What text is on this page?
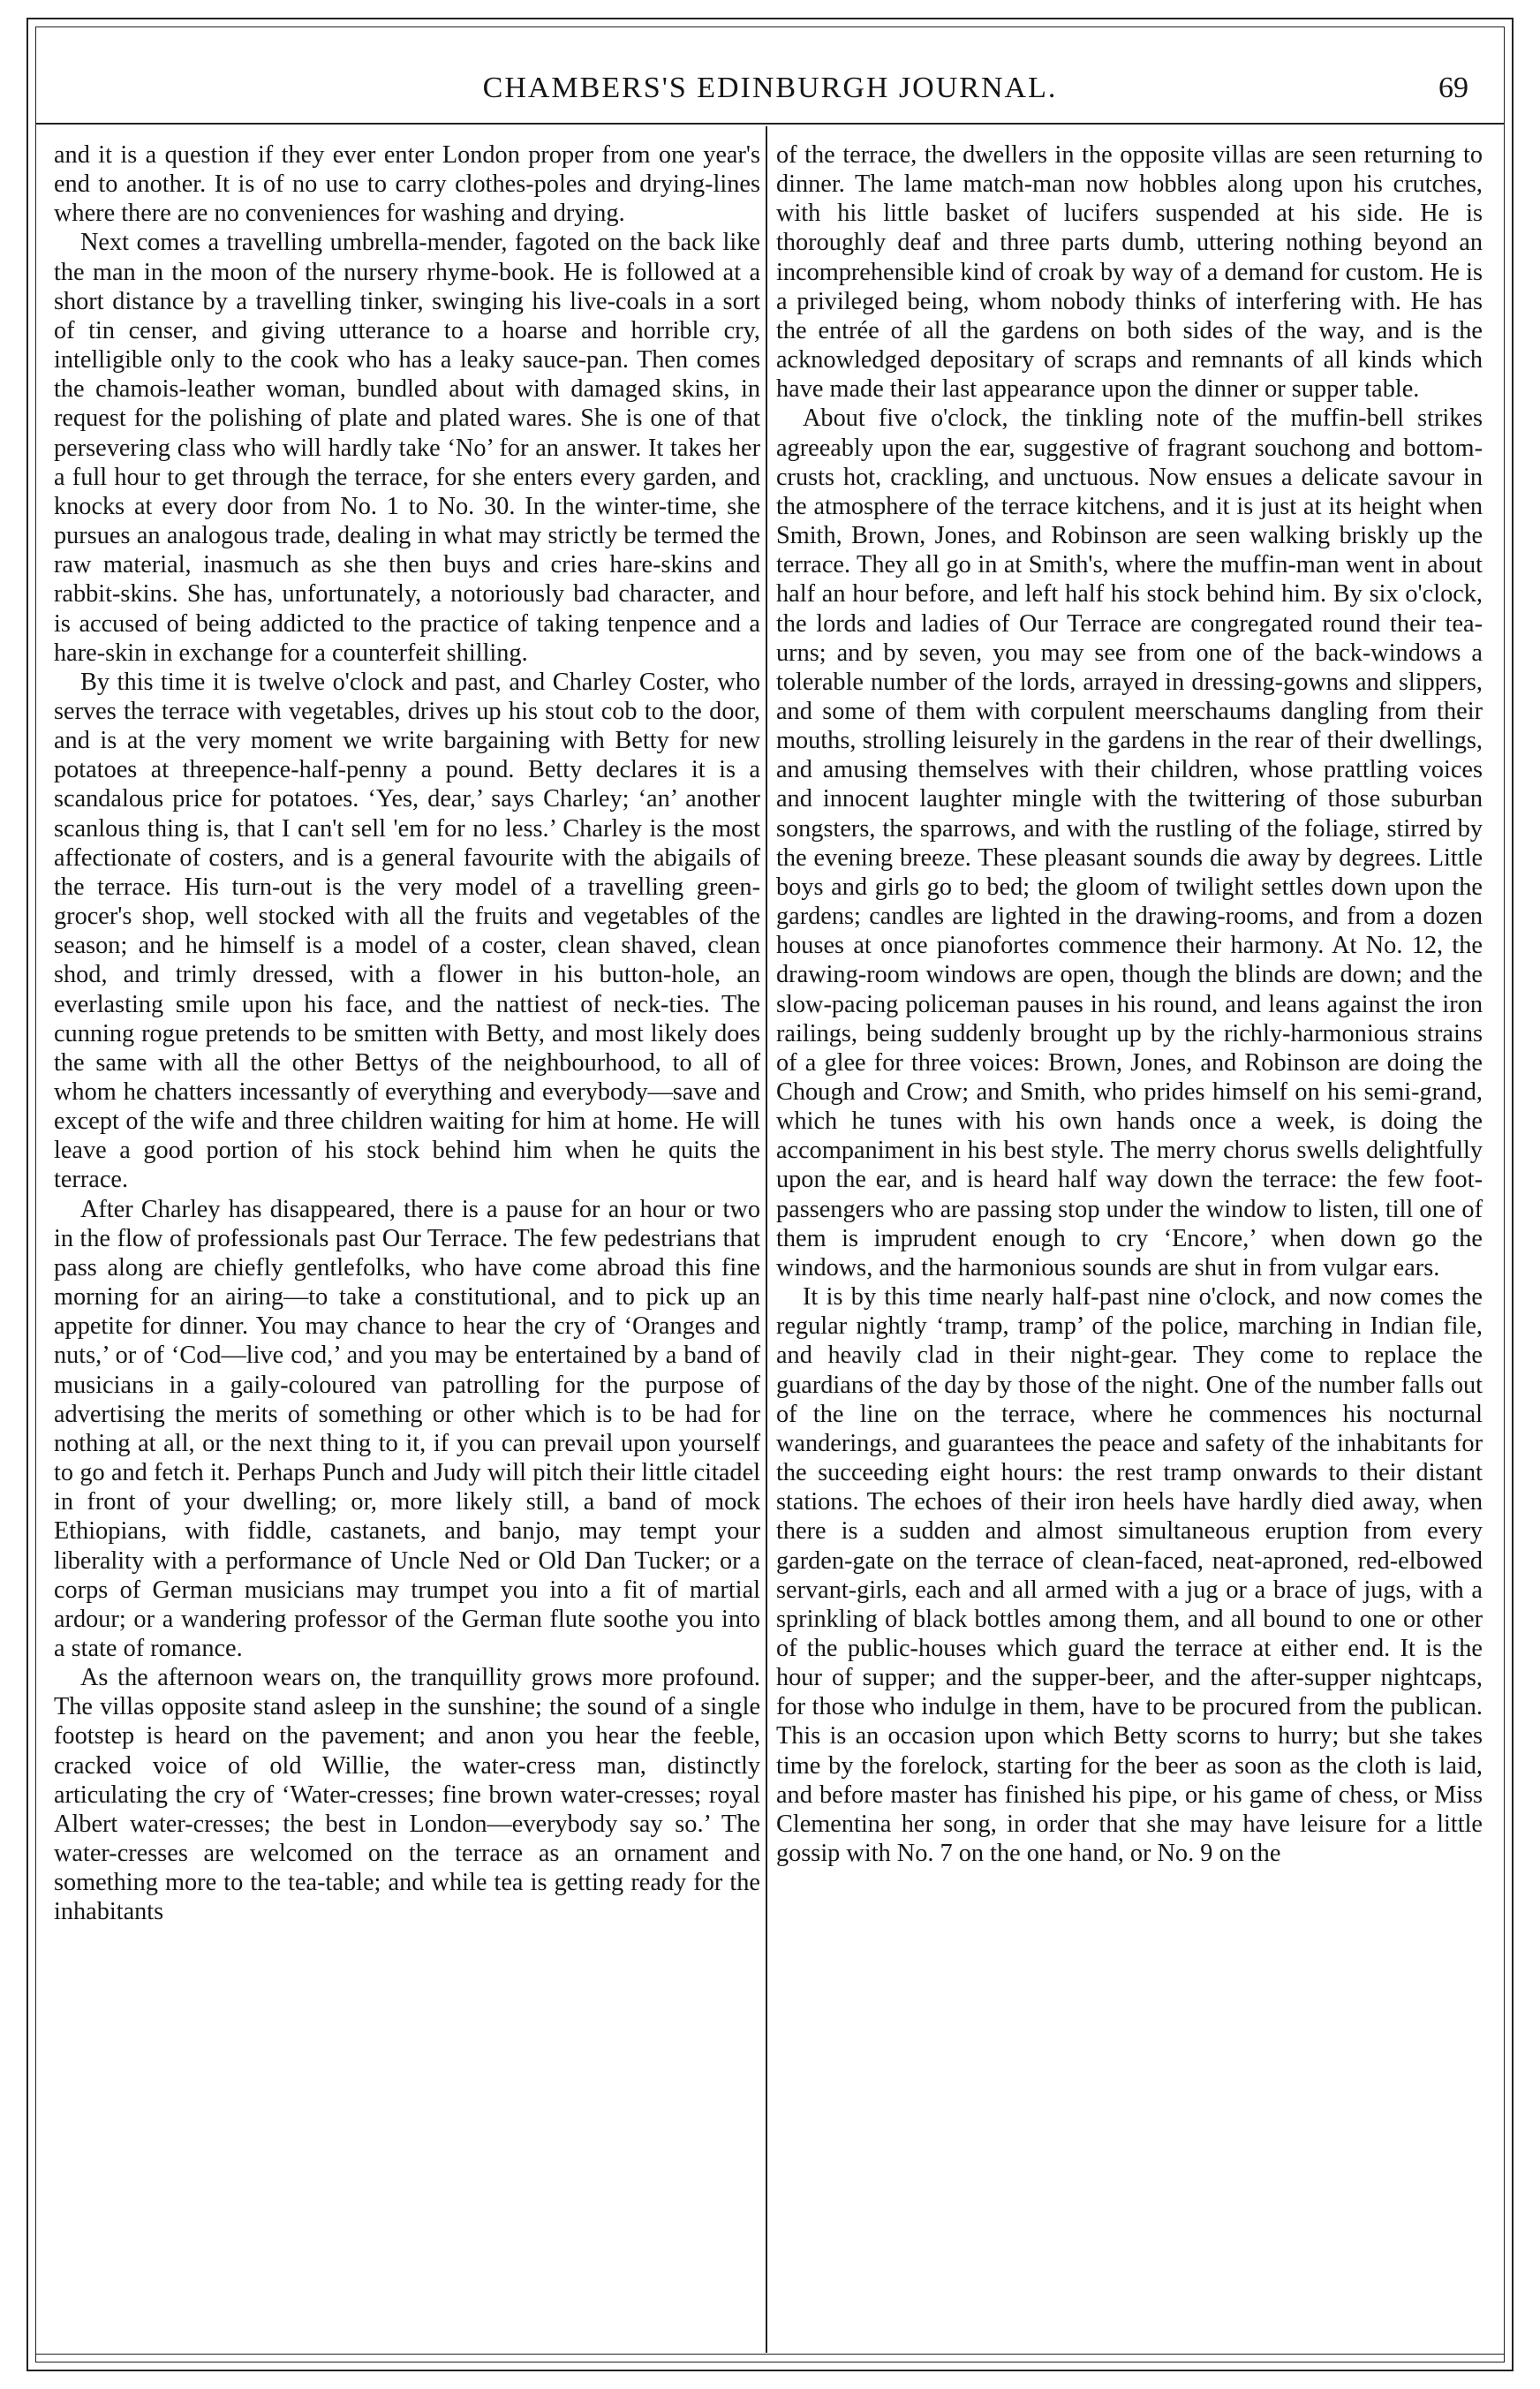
CHAMBERS'S EDINBURGH JOURNAL.	69

and it is a question if they ever enter London proper from one year's end to another. It is of no use to carry clothes-poles and drying-lines where there are no conveniences for washing and drying.

Next comes a travelling umbrella-mender, fagoted on the back like the man in the moon of the nursery rhyme-book. He is followed at a short distance by a travelling tinker, swinging his live-coals in a sort of tin censer, and giving utterance to a hoarse and horrible cry, intelligible only to the cook who has a leaky sauce-pan. Then comes the chamois-leather woman, bundled about with damaged skins, in request for the polishing of plate and plated wares. She is one of that persevering class who will hardly take ‘No’ for an answer. It takes her a full hour to get through the terrace, for she enters every garden, and knocks at every door from No. 1 to No. 30. In the winter-time, she pursues an analogous trade, dealing in what may strictly be termed the raw material, inasmuch as she then buys and cries hare-skins and rabbit-skins. She has, unfortunately, a notoriously bad character, and is accused of being addicted to the practice of taking tenpence and a hare-skin in exchange for a counterfeit shilling.

By this time it is twelve o'clock and past, and Charley Coster, who serves the terrace with vegetables, drives up his stout cob to the door, and is at the very moment we write bargaining with Betty for new potatoes at threepence-half-penny a pound. Betty declares it is a scandalous price for potatoes. ‘Yes, dear,’ says Charley; ‘an’ another scanlous thing is, that I can't sell 'em for no less.’ Charley is the most affectionate of costers, and is a general favourite with the abigails of the terrace. His turn-out is the very model of a travelling green-grocer's shop, well stocked with all the fruits and vegetables of the season; and he himself is a model of a coster, clean shaved, clean shod, and trimly dressed, with a flower in his button-hole, an everlasting smile upon his face, and the nattiest of neck-ties. The cunning rogue pretends to be smitten with Betty, and most likely does the same with all the other Bettys of the neighbourhood, to all of whom he chatters incessantly of everything and everybody—save and except of the wife and three children waiting for him at home. He will leave a good portion of his stock behind him when he quits the terrace.

After Charley has disappeared, there is a pause for an hour or two in the flow of professionals past Our Terrace. The few pedestrians that pass along are chiefly gentlefolks, who have come abroad this fine morning for an airing—to take a constitutional, and to pick up an appetite for dinner. You may chance to hear the cry of ‘Oranges and nuts,’ or of ‘Cod—live cod,’ and you may be entertained by a band of musicians in a gaily-coloured van patrolling for the purpose of advertising the merits of something or other which is to be had for nothing at all, or the next thing to it, if you can prevail upon yourself to go and fetch it. Perhaps Punch and Judy will pitch their little citadel in front of your dwelling; or, more likely still, a band of mock Ethiopians, with fiddle, castanets, and banjo, may tempt your liberality with a performance of Uncle Ned or Old Dan Tucker; or a corps of German musicians may trumpet you into a fit of martial ardour; or a wandering professor of the German flute soothe you into a state of romance.

As the afternoon wears on, the tranquillity grows more profound. The villas opposite stand asleep in the sunshine; the sound of a single footstep is heard on the pavement; and anon you hear the feeble, cracked voice of old Willie, the water-cress man, distinctly articulating the cry of ‘Water-cresses; fine brown water-cresses; royal Albert water-cresses; the best in London—everybody say so.’ The water-cresses are welcomed on the terrace as an ornament and something more to the tea-table; and while tea is getting ready for the inhabitants

of the terrace, the dwellers in the opposite villas are seen returning to dinner. The lame match-man now hobbles along upon his crutches, with his little basket of lucifers suspended at his side. He is thoroughly deaf and three parts dumb, uttering nothing beyond an incomprehensible kind of croak by way of a demand for custom. He is a privileged being, whom nobody thinks of interfering with. He has the entrée of all the gardens on both sides of the way, and is the acknowledged depositary of scraps and remnants of all kinds which have made their last appearance upon the dinner or supper table.

About five o'clock, the tinkling note of the muffin-bell strikes agreeably upon the ear, suggestive of fragrant souchong and bottom-crusts hot, crackling, and unctuous. Now ensues a delicate savour in the atmosphere of the terrace kitchens, and it is just at its height when Smith, Brown, Jones, and Robinson are seen walking briskly up the terrace. They all go in at Smith's, where the muffin-man went in about half an hour before, and left half his stock behind him. By six o'clock, the lords and ladies of Our Terrace are congregated round their tea-urns; and by seven, you may see from one of the back-windows a tolerable number of the lords, arrayed in dressing-gowns and slippers, and some of them with corpulent meerschaums dangling from their mouths, strolling leisurely in the gardens in the rear of their dwellings, and amusing themselves with their children, whose prattling voices and innocent laughter mingle with the twittering of those suburban songsters, the sparrows, and with the rustling of the foliage, stirred by the evening breeze. These pleasant sounds die away by degrees. Little boys and girls go to bed; the gloom of twilight settles down upon the gardens; candles are lighted in the drawing-rooms, and from a dozen houses at once pianofortes commence their harmony. At No. 12, the drawing-room windows are open, though the blinds are down; and the slow-pacing policeman pauses in his round, and leans against the iron railings, being suddenly brought up by the richly-harmonious strains of a glee for three voices: Brown, Jones, and Robinson are doing the Chough and Crow; and Smith, who prides himself on his semi-grand, which he tunes with his own hands once a week, is doing the accompaniment in his best style. The merry chorus swells delightfully upon the ear, and is heard half way down the terrace: the few foot-passengers who are passing stop under the window to listen, till one of them is imprudent enough to cry ‘Encore,’ when down go the windows, and the harmonious sounds are shut in from vulgar ears.

It is by this time nearly half-past nine o'clock, and now comes the regular nightly ‘tramp, tramp’ of the police, marching in Indian file, and heavily clad in their night-gear. They come to replace the guardians of the day by those of the night. One of the number falls out of the line on the terrace, where he commences his nocturnal wanderings, and guarantees the peace and safety of the inhabitants for the succeeding eight hours: the rest tramp onwards to their distant stations. The echoes of their iron heels have hardly died away, when there is a sudden and almost simultaneous eruption from every garden-gate on the terrace of clean-faced, neat-aproned, red-elbowed servant-girls, each and all armed with a jug or a brace of jugs, with a sprinkling of black bottles among them, and all bound to one or other of the public-houses which guard the terrace at either end. It is the hour of supper; and the supper-beer, and the after-supper nightcaps, for those who indulge in them, have to be procured from the publican. This is an occasion upon which Betty scorns to hurry; but she takes time by the forelock, starting for the beer as soon as the cloth is laid, and before master has finished his pipe, or his game of chess, or Miss Clementina her song, in order that she may have leisure for a little gossip with No. 7 on the one hand, or No. 9 on the
